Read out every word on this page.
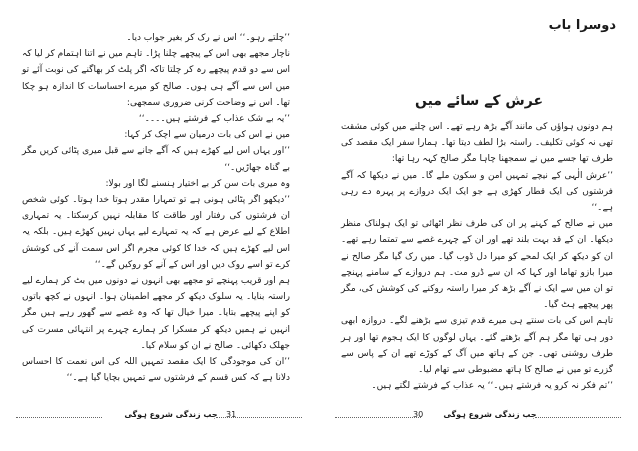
’’چلتے رہو۔‘‘ اس نے رک کر بغیر جواب دیا۔

ناچار مجھے بھی اس کے پیچھے چلنا پڑا۔ تاہم میں نے اتنا اہتمام کر لیا کہ اس سے دو قدم پیچھے رہ کر چلتا تاکہ اگر پلٹ کر بھاگنے کی نوبت آئے تو میں اس سے آگے ہی ہوں۔ صالح کو میرے احساسات کا اندازہ ہو چکا تھا۔ اس نے وضاحت کرنی ضروری سمجھی:

’’یہ بے شک عذاب کے فرشتے ہیں۔۔۔۔‘‘

میں نے اس کی بات درمیان سے اچک کر کہا:

’’اور یہاں اس لیے کھڑے ہیں کہ آگے جانے سے قبل میری پٹائی کریں مگر بے گناہ جھاڑیں۔‘‘

وہ میری بات سن کر بے اختیار ہنسنے لگا اور بولا:

’’دیکھو اگر پٹائی ہونی ہے تو تمہارا مقدر ہوتا خدا ہوتا۔ کوئی شخص ان فرشتوں کی رفتار اور طاقت کا مقابلہ نہیں کرسکتا۔ یہ تمہاری اطلاع کے لیے عرض ہے کہ یہ تمہارے لیے یہاں نہیں کھڑے ہیں۔ بلکہ یہ اس لیے کھڑے ہیں کہ خدا کا کوئی مجرم اگر اس سمت آنے کی کوشش کرے تو اسے روک دیں اور اس کے آنے کو روکیں گے۔‘‘

ہم اور قریب پہنچے تو مجھے بھی انہوں نے دونوں میں بٹ کر ہمارے لیے راستہ بنایا۔ یہ سلوک دیکھ کر مجھے اطمینان ہوا۔ انہوں نے کچھ باتوں کو اپنے پیچھے بتایا۔ میرا خیال تھا کہ وہ غصے سے گھور رہے ہیں مگر انہیں نے ہمیں دیکھ کر مسکرا کر ہمارے چہرے پر انتہائی مسرت کی جھلک دکھائی۔ صالح نے ان کو سلام کیا۔

’’ان کی موجودگی کا ایک مقصد تمہیں اللہ کی اس نعمت کا احساس دلانا ہے کہ کس قسم کے فرشتوں سے تمہیں بچایا گیا ہے۔‘‘

جب زندگی شروع ہوگی	31
دوسرا باب
عرش کے سائے میں

ہم دونوں ہواؤں کی مانند آگے بڑھ رہے تھے۔ اس چلنے میں کوئی مشقت تھی نہ کوئی تکلیف۔ راستہ بڑا لطف دیتا تھا۔ ہمارا سفر ایک مقصد کی طرف تھا جسے میں نے سمجھنا چاہا مگر صالح کہہ رہا تھا:

’’عرش الٰہی کے نیچے تمہیں امن و سکون ملے گا۔ میں نے دیکھا کہ آگے فرشتوں کی ایک قطار کھڑی ہے جو ایک ایک دروازے پر پہرہ دے رہی ہے۔‘‘

میں نے صالح کے کہنے پر ان کی طرف نظر اٹھائی تو ایک ہولناک منظر دیکھا۔ ان کے قد بہت بلند تھے اور ان کے چہرے غصے سے تمتما رہے تھے۔ ان کو دیکھ کر ایک لمحے کو میرا دل ڈوب گیا۔ میں رک گیا مگر صالح نے میرا بازو تھاما اور کہا کہ ان سے ڈرو مت۔ ہم دروازے کے سامنے پہنچے تو ان میں سے ایک نے آگے بڑھ کر میرا راستہ روکنے کی کوشش کی، مگر پھر پیچھے ہٹ گیا۔

تاہم اس کی بات سنتے ہی میرے قدم تیزی سے بڑھنے لگے۔ دروازہ ابھی دور ہی تھا مگر ہم آگے بڑھتے گئے۔ یہاں لوگوں کا ایک ہجوم تھا اور ہر طرف روشنی تھی۔ جن کے ہاتھ میں آگ کے کوڑے تھے ان کے پاس سے گزرے تو میں نے صالح کا ہاتھ مضبوطی سے تھام لیا۔

’’تم فکر نہ کرو یہ فرشتے ہیں۔‘‘ یہ عذاب کے فرشتے لگتے ہیں۔

30	جب زندگی شروع ہوگی
